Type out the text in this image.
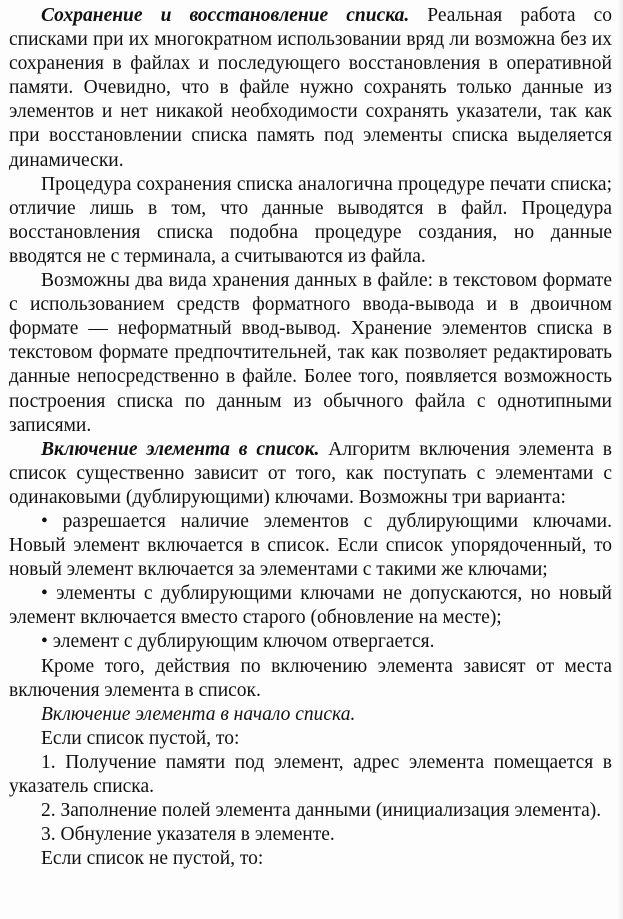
Сохранение и восстановление списка. Реальная работа со списками при их многократном использовании вряд ли возможна без их сохранения в файлах и последующего восстановления в оперативной памяти. Очевидно, что в файле нужно сохранять только данные из элементов и нет никакой необходимости сохранять указатели, так как при восстановлении списка память под элементы списка выделяется динамически.

Процедура сохранения списка аналогична процедуре печати списка; отличие лишь в том, что данные выводятся в файл. Процедура восстановления списка подобна процедуре создания, но данные вводятся не с терминала, а считываются из файла.

Возможны два вида хранения данных в файле: в текстовом формате с использованием средств форматного ввода-вывода и в двоичном формате — неформатный ввод-вывод. Хранение элементов списка в текстовом формате предпочтительней, так как позволяет редактировать данные непосредственно в файле. Более того, появляется возможность построения списка по данным из обычного файла с однотипными записями.

Включение элемента в список. Алгоритм включения элемента в список существенно зависит от того, как поступать с элементами с одинаковыми (дублирующими) ключами. Возможны три варианта:

• разрешается наличие элементов с дублирующими ключами. Новый элемент включается в список. Если список упорядоченный, то новый элемент включается за элементами с такими же ключами;

• элементы с дублирующими ключами не допускаются, но новый элемент включается вместо старого (обновление на месте);

• элемент с дублирующим ключом отвергается.

Кроме того, действия по включению элемента зависят от места включения элемента в список.

Включение элемента в начало списка.

Если список пустой, то:

1. Получение памяти под элемент, адрес элемента помещается в указатель списка.

2. Заполнение полей элемента данными (инициализация элемента).

3. Обнуление указателя в элементе.

Если список не пустой, то:
